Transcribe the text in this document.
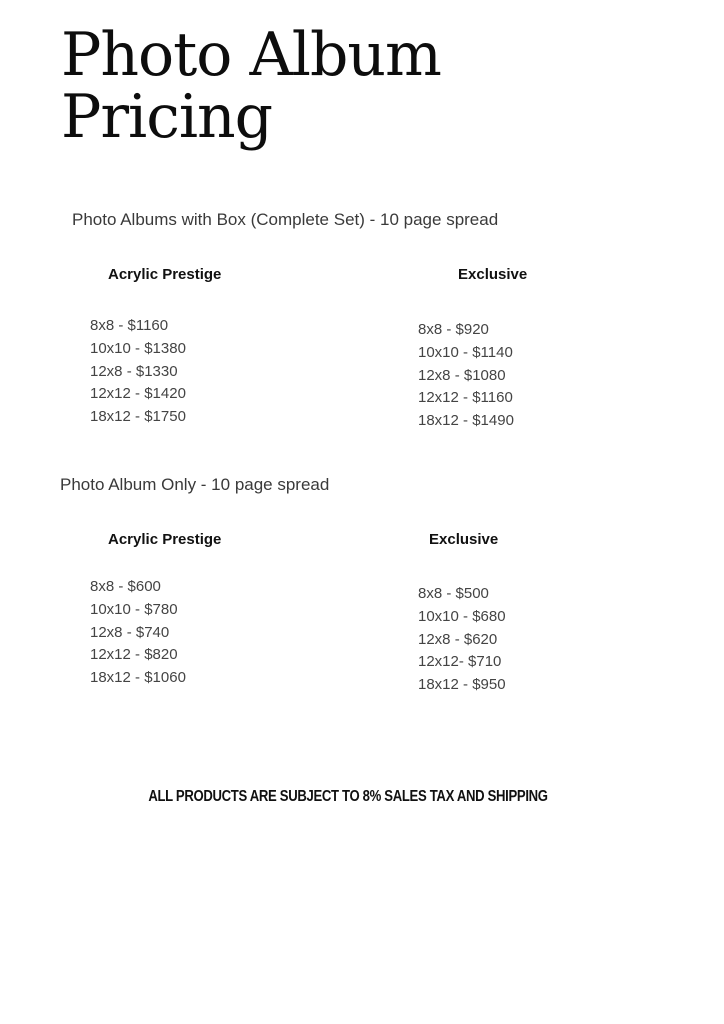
Photo Album
Pricing
Photo Albums with Box (Complete Set) - 10 page spread
Acrylic Prestige
8x8 - $1160
10x10 - $1380
12x8 - $1330
12x12 - $1420
18x12 - $1750
Exclusive
8x8 - $920
10x10 - $1140
12x8 - $1080
12x12 - $1160
18x12 - $1490
Photo Album Only - 10 page spread
Acrylic Prestige
8x8 - $600
10x10 - $780
12x8 - $740
12x12 - $820
18x12 - $1060
Exclusive
8x8 - $500
10x10 - $680
12x8 - $620
12x12- $710
18x12 - $950

ALL PRODUCTS ARE SUBJECT TO 8% SALES TAX AND SHIPPING
